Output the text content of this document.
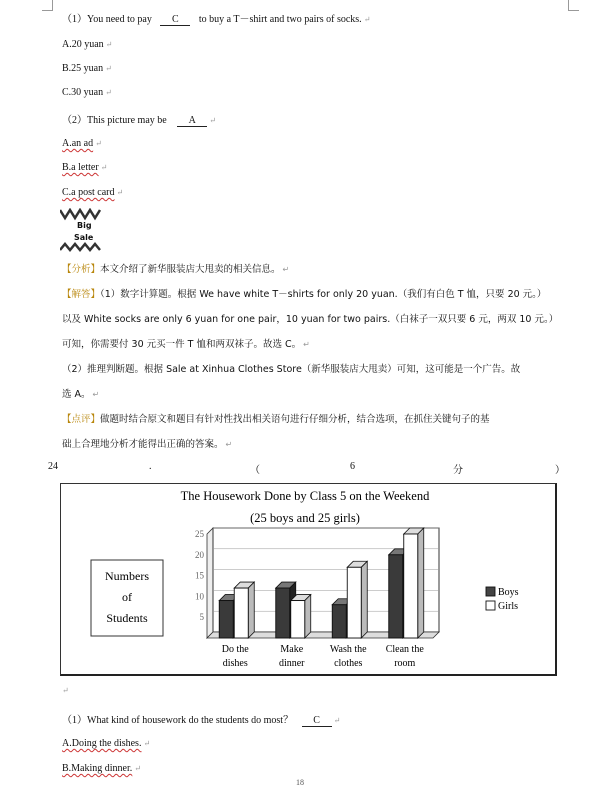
（1）You need to pay C to buy a T－shirt and two pairs of socks. ↵
A.20 yuan ↵
B.25 yuan ↵
C.30 yuan ↵
（2）This picture may be A ↵
A.an ad ↵
B.a letter ↵
C.a post card ↵
Big
Sale
【分析】本文介绍了新华服装店大甩卖的相关信息。 ↵
【解答】（1）数字计算题。根据 We have white T－shirts for only 20 yuan.（我们有白色 T 恤，只要 20 元。）
以及 White socks are only 6 yuan for one pair，10 yuan for two pairs.（白袜子一双只要 6 元，两双 10 元。）
可知，你需要付 30 元买一件 T 恤和两双袜子。故选 C。 ↵
（2）推理判断题。根据 Sale at Xinhua Clothes Store（新华服装店大甩卖）可知，这可能是一个广告。故
选 A。 ↵
【点评】做题时结合原文和题目有针对性找出相关语句进行仔细分析，结合选项，在抓住关键句子的基
础上合理地分析才能得出正确的答案。 ↵
24	.	（	6	分	）
The Housework Done by Class 5 on the Weekend
(25 boys and 25 girls)
Numbers
of
Students
25
20
15
10
5
Do the
dishes
Make
dinner
Wash the
clothes
Clean the
room
Boys
Girls
↵
（1）What kind of housework do the students do most？ C ↵
A.Doing the dishes. ↵
B.Making dinner. ↵
18
